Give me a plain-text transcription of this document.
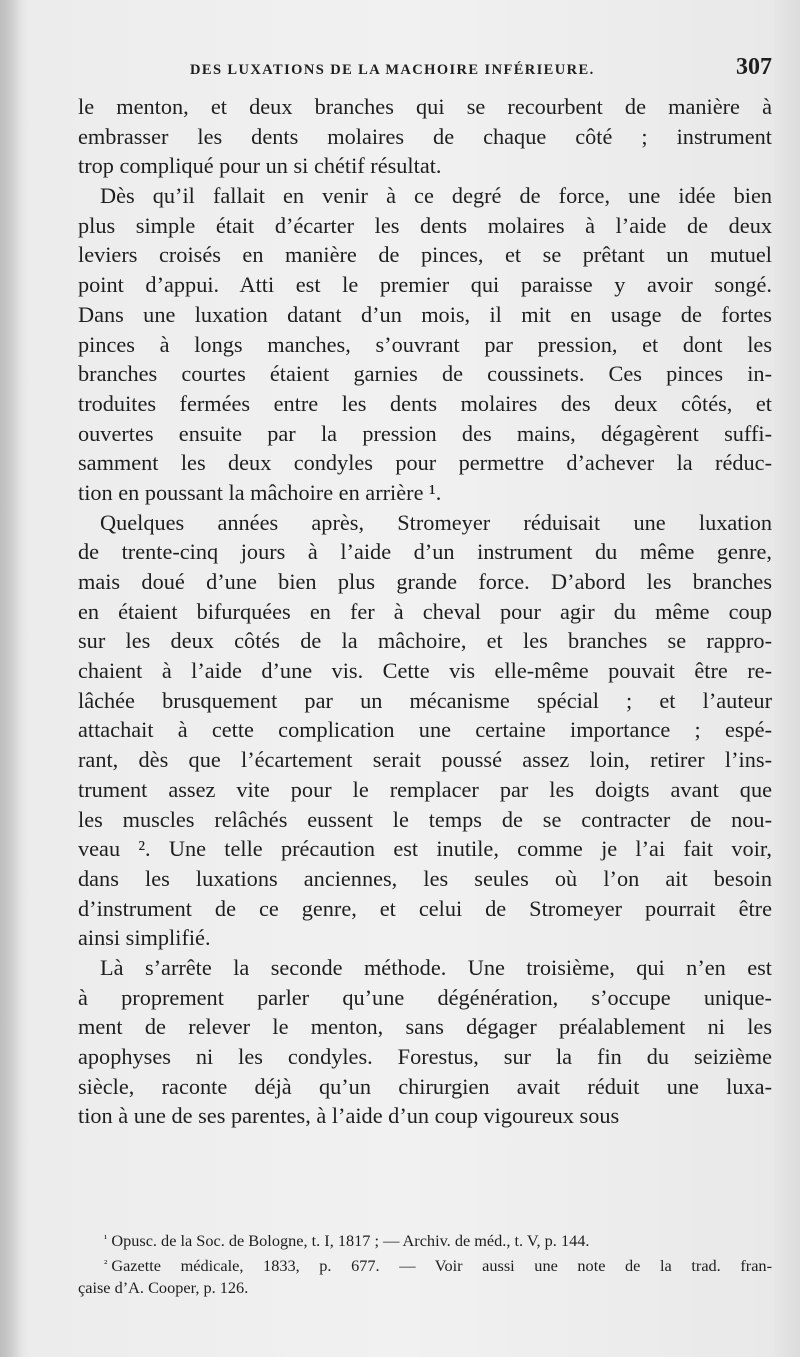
DES LUXATIONS DE LA MACHOIRE INFÉRIEURE.	307
le menton, et deux branches qui se recourbent de manière à
embrasser les dents molaires de chaque côté ; instrument
trop compliqué pour un si chétif résultat.
Dès qu’il fallait en venir à ce degré de force, une idée bien
plus simple était d’écarter les dents molaires à l’aide de deux
leviers croisés en manière de pinces, et se prêtant un mutuel
point d’appui. Atti est le premier qui paraisse y avoir songé.
Dans une luxation datant d’un mois, il mit en usage de fortes
pinces à longs manches, s’ouvrant par pression, et dont les
branches courtes étaient garnies de coussinets. Ces pinces in-
troduites fermées entre les dents molaires des deux côtés, et
ouvertes ensuite par la pression des mains, dégagèrent suffi-
samment les deux condyles pour permettre d’achever la réduc-
tion en poussant la mâchoire en arrière ¹.
Quelques années après, Stromeyer réduisait une luxation
de trente-cinq jours à l’aide d’un instrument du même genre,
mais doué d’une bien plus grande force. D’abord les branches
en étaient bifurquées en fer à cheval pour agir du même coup
sur les deux côtés de la mâchoire, et les branches se rappro-
chaient à l’aide d’une vis. Cette vis elle-même pouvait être re-
lâchée brusquement par un mécanisme spécial ; et l’auteur
attachait à cette complication une certaine importance ; espé-
rant, dès que l’écartement serait poussé assez loin, retirer l’ins-
trument assez vite pour le remplacer par les doigts avant que
les muscles relâchés eussent le temps de se contracter de nou-
veau ². Une telle précaution est inutile, comme je l’ai fait voir,
dans les luxations anciennes, les seules où l’on ait besoin
d’instrument de ce genre, et celui de Stromeyer pourrait être
ainsi simplifié.
Là s’arrête la seconde méthode. Une troisième, qui n’en est
à proprement parler qu’une dégénération, s’occupe unique-
ment de relever le menton, sans dégager préalablement ni les
apophyses ni les condyles. Forestus, sur la fin du seizième
siècle, raconte déjà qu’un chirurgien avait réduit une luxa-
tion à une de ses parentes, à l’aide d’un coup vigoureux sous
$^{^1}$ Opusc. de la Soc. de Bologne, t. I, 1817 ; — Archiv. de méd., t. V, p. 144.
$^{^2}$ Gazette médicale, 1833, p. 677. — Voir aussi une note de la trad. fran-
çaise d’A. Cooper, p. 126.
